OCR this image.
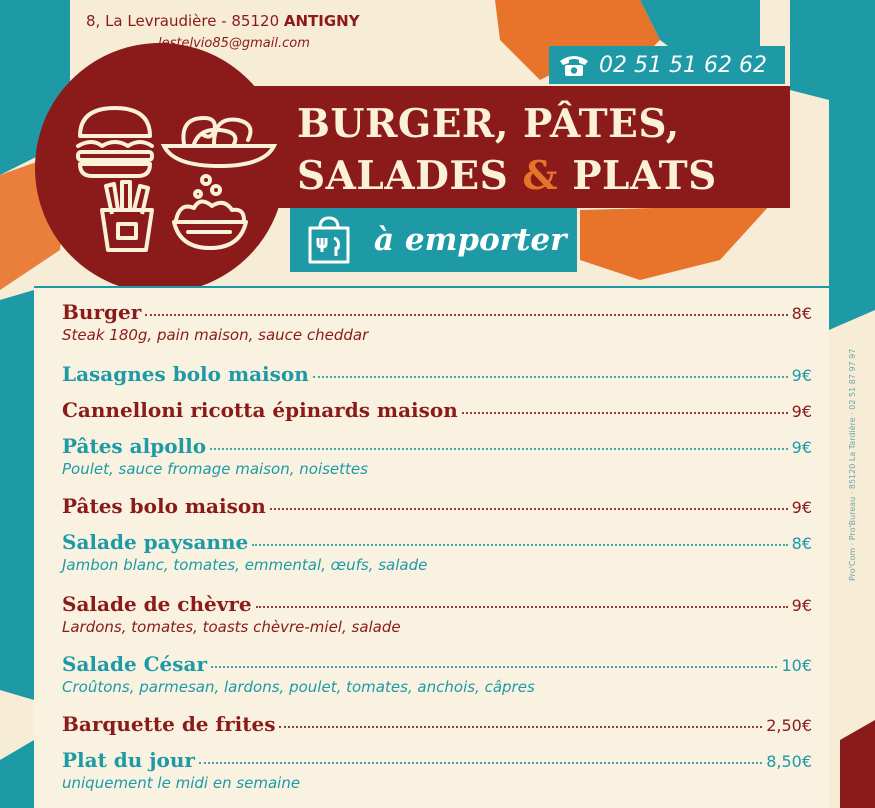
8, La Levraudière - 85120 ANTIGNY
lestelvio85@gmail.com
02 51 51 62 62
BURGER, PÂTES,
SALADES & PLATS
à emporter
Burger	8€
Steak 180g, pain maison, sauce cheddar
Lasagnes bolo maison	9€
Cannelloni ricotta épinards maison	9€
Pâtes alpollo	9€
Poulet, sauce fromage maison, noisettes
Pâtes bolo maison	9€
Salade paysanne	8€
Jambon blanc, tomates, emmental, œufs, salade
Salade de chèvre	9€
Lardons, tomates, toasts chèvre-miel, salade
Salade César	10€
Croûtons, parmesan, lardons, poulet, tomates, anchois, câpres
Barquette de frites	2,50€
Plat du jour	8,50€
uniquement le midi en semaine
Pro'Com · Pro'Bureau · 85120 La Tardière · 02 51 87 97 97
